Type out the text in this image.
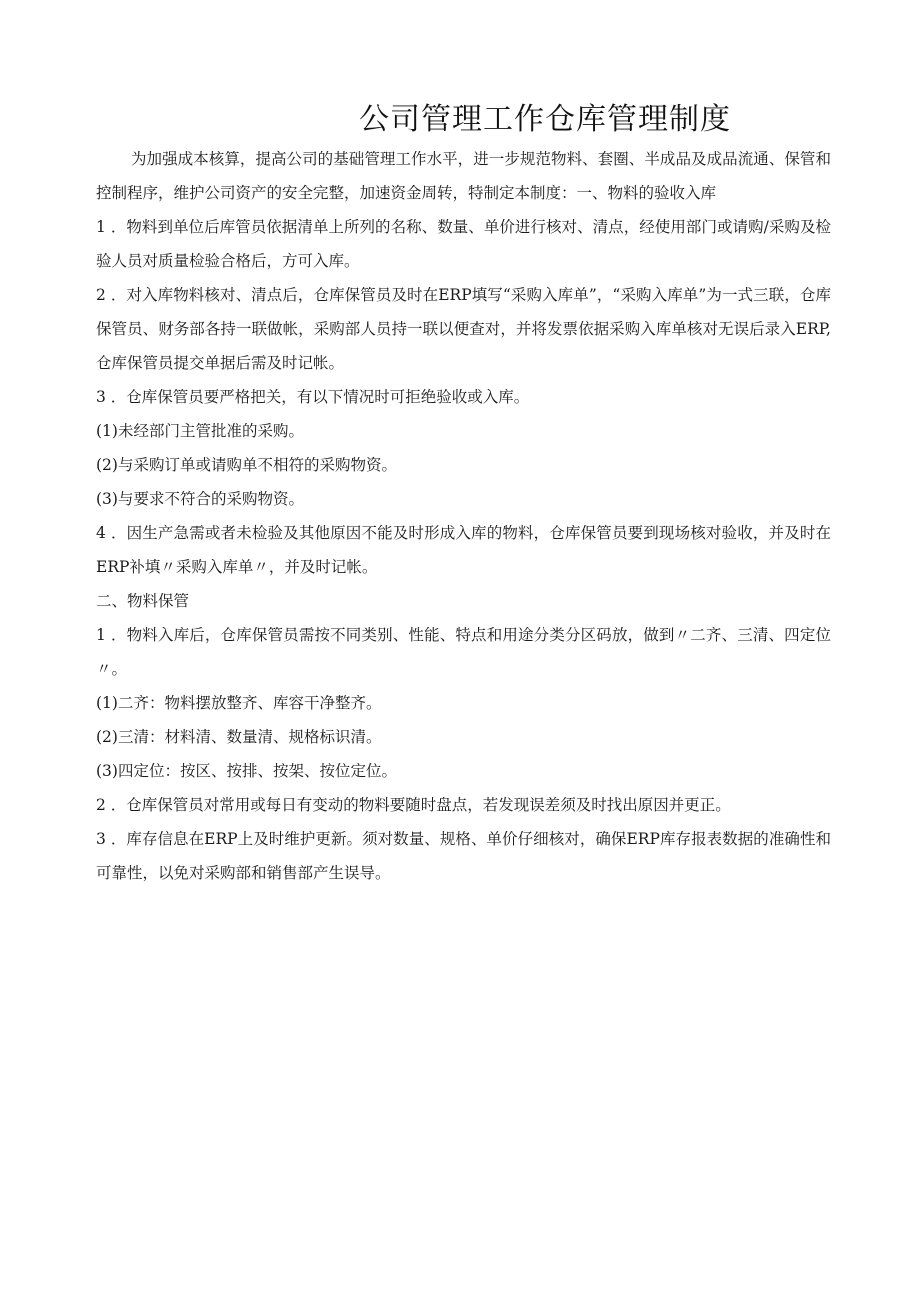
公司管理工作仓库管理制度

为加强成本核算，提高公司的基础管理工作水平，进一步规范物料、套圈、半成品及成品流通、保管和控制程序，维护公司资产的安全完整，加速资金周转，特制定本制度：一、物料的验收入库

1 ．物料到单位后库管员依据清单上所列的名称、数量、单价进行核对、清点，经使用部门或请购/采购及检验人员对质量检验合格后，方可入库。

2 ．对入库物料核对、清点后，仓库保管员及时在ERP填写“采购入库单”，“采购入库单”为一式三联，仓库保管员、财务部各持一联做帐，采购部人员持一联以便查对，并将发票依据采购入库单核对无误后录入ERP,仓库保管员提交单据后需及时记帐。

3 ．仓库保管员要严格把关，有以下情况时可拒绝验收或入库。

(1)未经部门主管批准的采购。

(2)与采购订单或请购单不相符的采购物资。

(3)与要求不符合的采购物资。

4 ．因生产急需或者未检验及其他原因不能及时形成入库的物料，仓库保管员要到现场核对验收，并及时在ERP补填〃采购入库单〃，并及时记帐。

二、物料保管

1 ．物料入库后，仓库保管员需按不同类别、性能、特点和用途分类分区码放，做到〃二齐、三清、四定位〃。

(1)二齐：物料摆放整齐、库容干净整齐。

(2)三清：材料清、数量清、规格标识清。

(3)四定位：按区、按排、按架、按位定位。

2 ．仓库保管员对常用或每日有变动的物料要随时盘点，若发现误差须及时找出原因并更正。

3 ．库存信息在ERP上及时维护更新。须对数量、规格、单价仔细核对，确保ERP库存报表数据的准确性和可靠性，以免对采购部和销售部产生误导。
